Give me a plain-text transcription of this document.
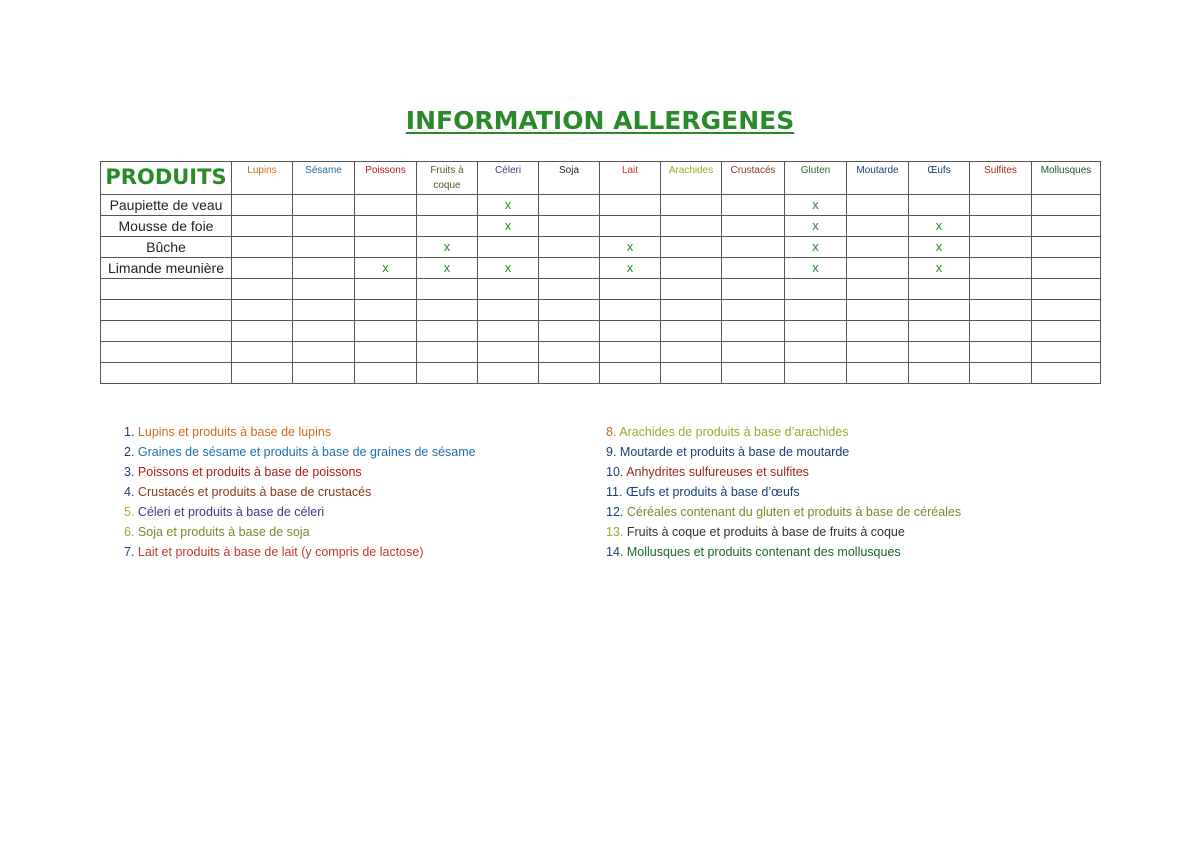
INFORMATION ALLERGENES
PRODUITS	Lupins	Sésame	Poissons	Fruits à coque	Céleri	Soja	Lait	Arachides	Crustacés	Gluten	Moutarde	Œufs	Sulfites	Mollusques
Paupiette de veau					x					x				
Mousse de foie					x					x		x		
Bûche				x			x			x		x		
Limande meunière			x	x	x		x			x		x		

1. Lupins et produits à base de lupins
2. Graines de sésame et produits à base de graines de sésame
3. Poissons et produits à base de poissons
4. Crustacés et produits à base de crustacés
5. Céleri et produits à base de céleri
6. Soja et produits à base de soja
7. Lait et produits à base de lait (y compris de lactose)
8. Arachides de produits à base d’arachides
9. Moutarde et produits à base de moutarde
10. Anhydrites sulfureuses et sulfites
11. Œufs et produits à base d’œufs
12. Céréales contenant du gluten et produits à base de céréales
13. Fruits à coque et produits à base de fruits à coque
14. Mollusques et produits contenant des mollusques
